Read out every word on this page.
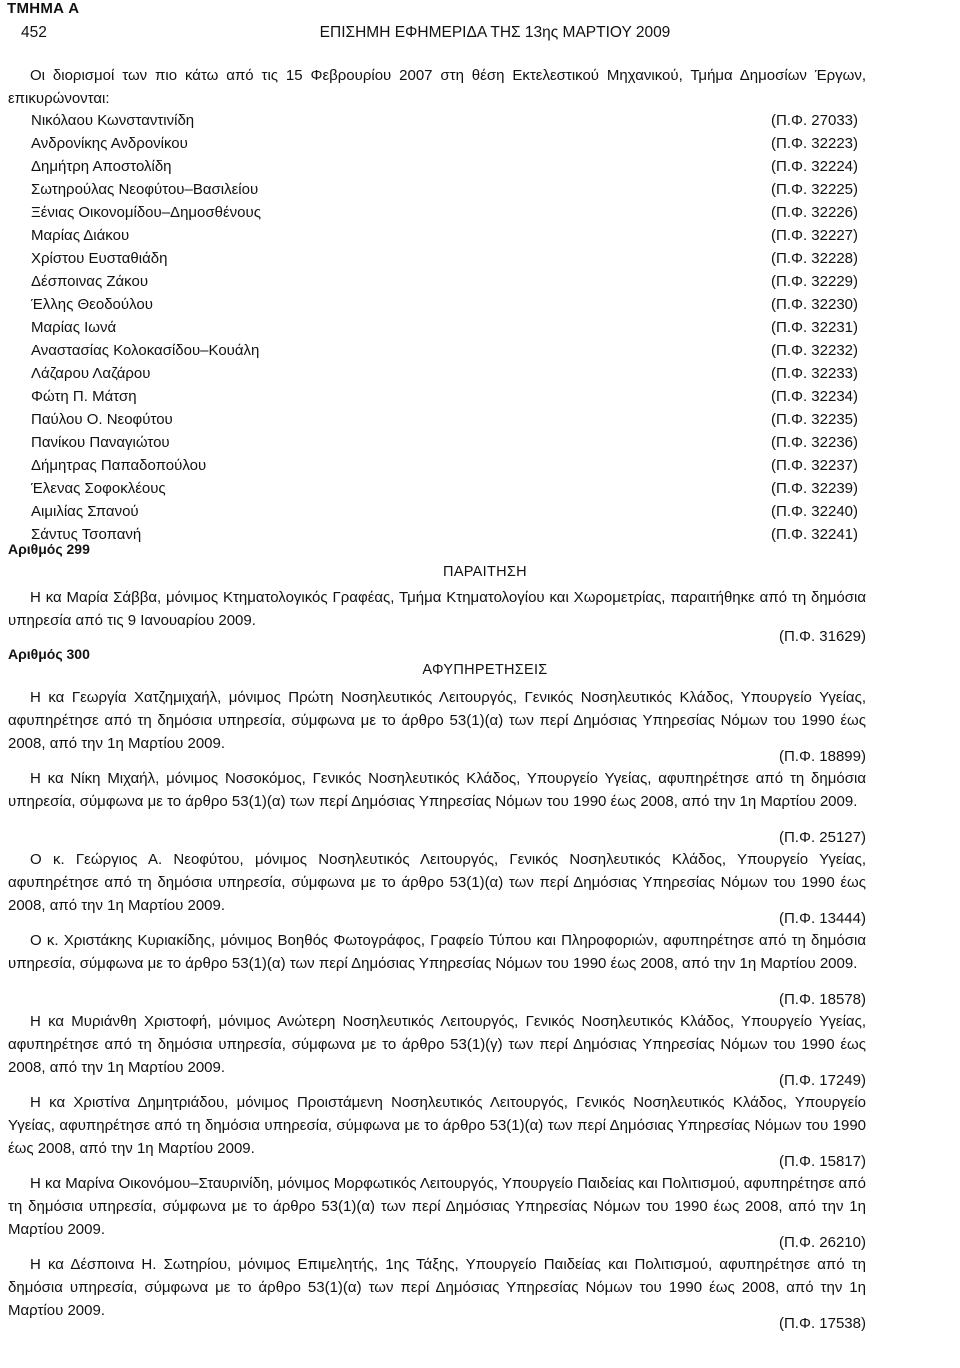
ΤΜΗΜΑ Α
452	ΕΠΙΣΗΜΗ ΕΦΗΜΕΡΙΔΑ ΤΗΣ 13ης ΜΑΡΤΙΟΥ 2009

Οι διορισμοί των πιο κάτω από τις 15 Φεβρουρίου 2007 στη θέση Εκτελεστικού Μηχανικού, Τμήμα Δημοσίων Έργων, επικυρώνονται:

Νικόλαου Κωνσταντινίδη	(Π.Φ. 27033)
Ανδρονίκης Ανδρονίκου	(Π.Φ. 32223)
Δημήτρη Αποστολίδη	(Π.Φ. 32224)
Σωτηρούλας Νεοφύτου–Βασιλείου	(Π.Φ. 32225)
Ξένιας Οικονομίδου–Δημοσθένους	(Π.Φ. 32226)
Μαρίας Διάκου	(Π.Φ. 32227)
Χρίστου Ευσταθιάδη	(Π.Φ. 32228)
Δέσποινας Ζάκου	(Π.Φ. 32229)
Έλλης Θεοδούλου	(Π.Φ. 32230)
Μαρίας Ιωνά	(Π.Φ. 32231)
Αναστασίας Κολοκασίδου–Κουάλη	(Π.Φ. 32232)
Λάζαρου Λαζάρου	(Π.Φ. 32233)
Φώτη Π. Μάτση	(Π.Φ. 32234)
Παύλου Ο. Νεοφύτου	(Π.Φ. 32235)
Πανίκου Παναγιώτου	(Π.Φ. 32236)
Δήμητρας Παπαδοπούλου	(Π.Φ. 32237)
Έλενας Σοφοκλέους	(Π.Φ. 32239)
Αιμιλίας Σπανού	(Π.Φ. 32240)
Σάντυς Τσοπανή	(Π.Φ. 32241)
Αριθμός 299
ΠΑΡΑΙΤΗΣΗ

Η κα Μαρία Σάββα, μόνιμος Κτηματολογικός Γραφέας, Τμήμα Κτηματολογίου και Χωρομετρίας, παραιτήθηκε από τη δημόσια υπηρεσία από τις 9 Ιανουαρίου 2009.

(Π.Φ. 31629)
Αριθμός 300
ΑΦΥΠΗΡΕΤΗΣΕΙΣ

Η κα Γεωργία Χατζημιχαήλ, μόνιμος Πρώτη Νοσηλευτικός Λειτουργός, Γενικός Νοσηλευτικός Κλάδος, Υπουργείο Υγείας, αφυπηρέτησε από τη δημόσια υπηρεσία, σύμφωνα με το άρθρο 53(1)(α) των περί Δημόσιας Υπηρεσίας Νόμων του 1990 έως 2008, από την 1η Μαρτίου 2009.

(Π.Φ. 18899)

Η κα Νίκη Μιχαήλ, μόνιμος Νοσοκόμος, Γενικός Νοσηλευτικός Κλάδος, Υπουργείο Υγείας, αφυπηρέτησε από τη δημόσια υπηρεσία, σύμφωνα με το άρθρο 53(1)(α) των περί Δημόσιας Υπηρεσίας Νόμων του 1990 έως 2008, από την 1η Μαρτίου 2009.

(Π.Φ. 25127)

Ο κ. Γεώργιος Α. Νεοφύτου, μόνιμος Νοσηλευτικός Λειτουργός, Γενικός Νοσηλευτικός Κλάδος, Υπουργείο Υγείας, αφυπηρέτησε από τη δημόσια υπηρεσία, σύμφωνα με το άρθρο 53(1)(α) των περί Δημόσιας Υπηρεσίας Νόμων του 1990 έως 2008, από την 1η Μαρτίου 2009.

(Π.Φ. 13444)

Ο κ. Χριστάκης Κυριακίδης, μόνιμος Βοηθός Φωτογράφος, Γραφείο Τύπου και Πληροφοριών, αφυπηρέτησε από τη δημόσια υπηρεσία, σύμφωνα με το άρθρο 53(1)(α) των περί Δημόσιας Υπηρεσίας Νόμων του 1990 έως 2008, από την 1η Μαρτίου 2009.

(Π.Φ. 18578)

Η κα Μυριάνθη Χριστοφή, μόνιμος Ανώτερη Νοσηλευτικός Λειτουργός, Γενικός Νοσηλευτικός Κλάδος, Υπουργείο Υγείας, αφυπηρέτησε από τη δημόσια υπηρεσία, σύμφωνα με το άρθρο 53(1)(γ) των περί Δημόσιας Υπηρεσίας Νόμων του 1990 έως 2008, από την 1η Μαρτίου 2009.

(Π.Φ. 17249)

Η κα Χριστίνα Δημητριάδου, μόνιμος Προιστάμενη Νοσηλευτικός Λειτουργός, Γενικός Νοσηλευτικός Κλάδος, Υπουργείο Υγείας, αφυπηρέτησε από τη δημόσια υπηρεσία, σύμφωνα με το άρθρο 53(1)(α) των περί Δημόσιας Υπηρεσίας Νόμων του 1990 έως 2008, από την 1η Μαρτίου 2009.

(Π.Φ. 15817)

Η κα Μαρίνα Οικονόμου–Σταυρινίδη, μόνιμος Μορφωτικός Λειτουργός, Υπουργείο Παιδείας και Πολιτισμού, αφυπηρέτησε από τη δημόσια υπηρεσία, σύμφωνα με το άρθρο 53(1)(α) των περί Δημόσιας Υπηρεσίας Νόμων του 1990 έως 2008, από την 1η Μαρτίου 2009.

(Π.Φ. 26210)

Η κα Δέσποινα Η. Σωτηρίου, μόνιμος Επιμελητής, 1ης Τάξης, Υπουργείο Παιδείας και Πολιτισμού, αφυπηρέτησε από τη δημόσια υπηρεσία, σύμφωνα με το άρθρο 53(1)(α) των περί Δημόσιας Υπηρεσίας Νόμων του 1990 έως 2008, από την 1η Μαρτίου 2009.

(Π.Φ. 17538)
